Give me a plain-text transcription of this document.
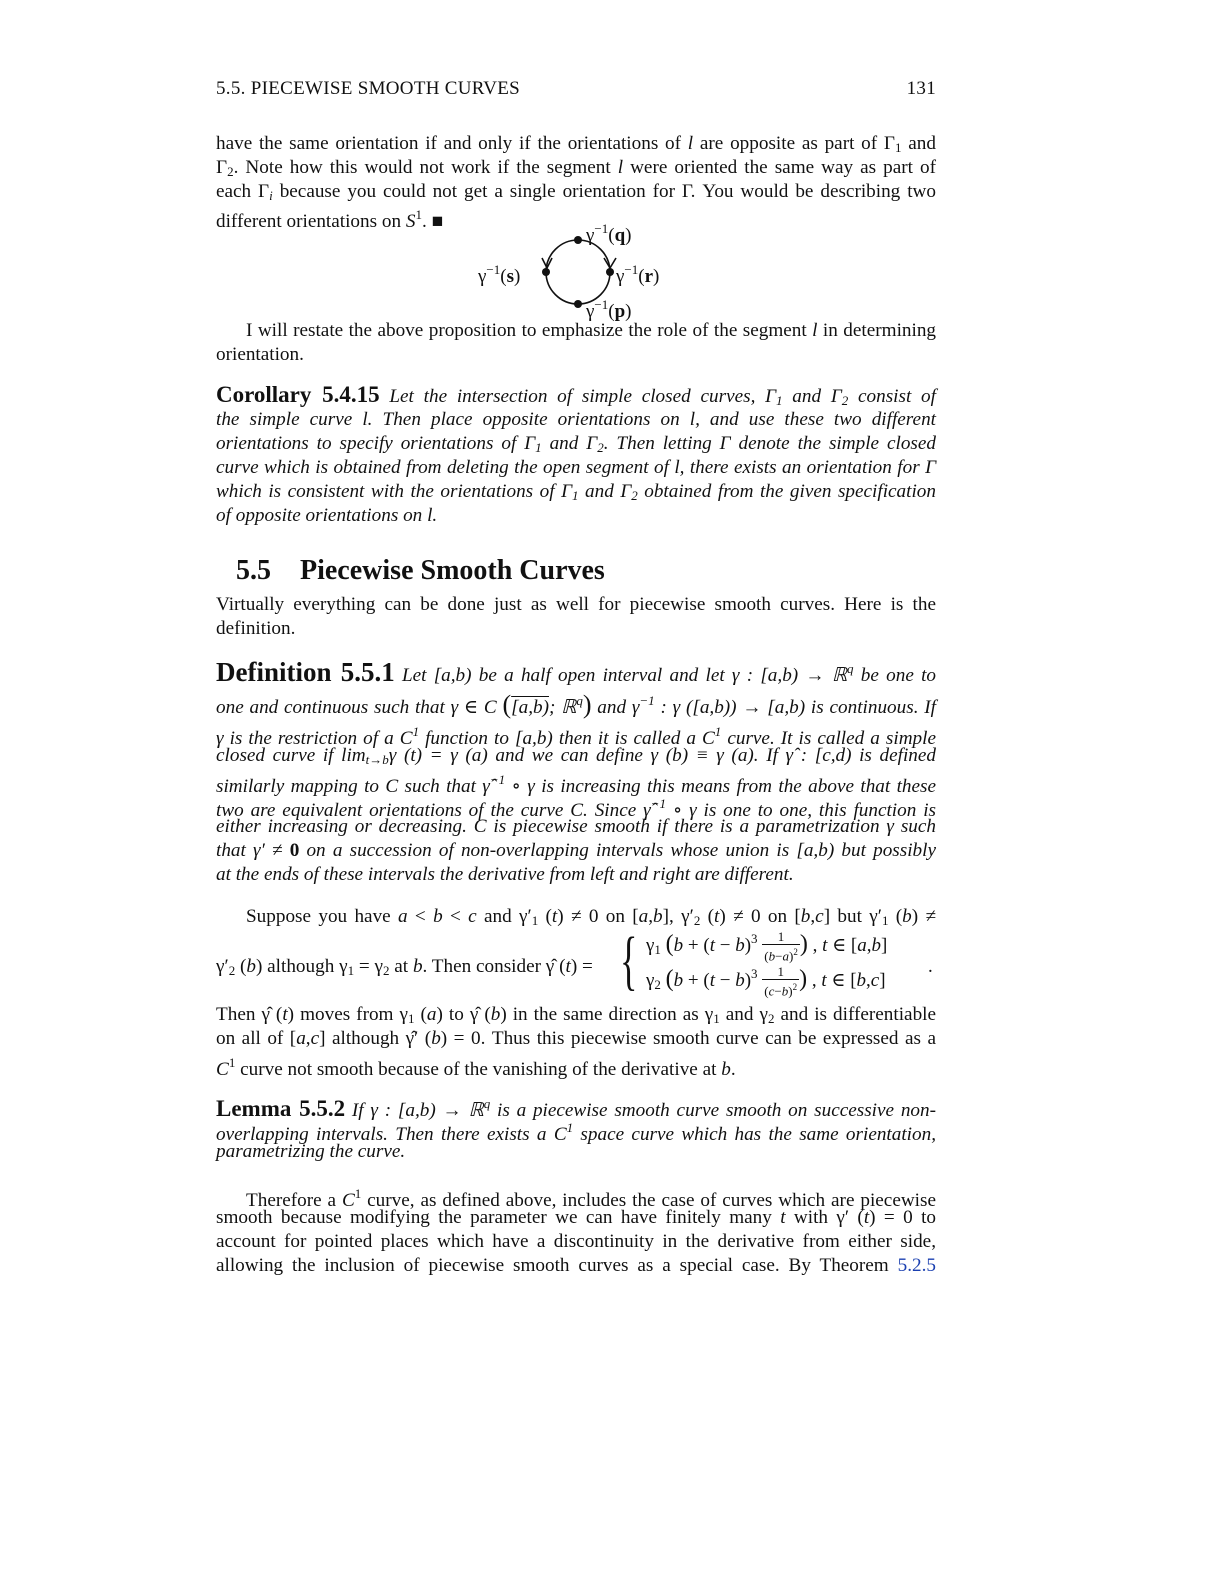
5.5. PIECEWISE SMOOTH CURVES	131
have the same orientation if and only if the orientations of l are opposite as part of $\Gamma_1$ and
$\Gamma_2$. Note how this would not work if the segment l were oriented the same way as part of
each $\Gamma_i$ because you could not get a single orientation for Γ. You would be describing two
different orientations on $S^1$. ■
$\gamma^{-1}(q)$
$\gamma^{-1}(s)$	$\gamma^{-1}(r)$
$\gamma^{-1}(p)$
I will restate the above proposition to emphasize the role of the segment l in determining
orientation.
Corollary 5.4.15 Let the intersection of simple closed curves, $\Gamma_1$ and $\Gamma_2$ consist of
the simple curve l. Then place opposite orientations on l, and use these two different
orientations to specify orientations of $\Gamma_1$ and $\Gamma_2$. Then letting Γ denote the simple closed
curve which is obtained from deleting the open segment of l, there exists an orientation for Γ
which is consistent with the orientations of $\Gamma_1$ and $\Gamma_2$ obtained from the given specification
of opposite orientations on l.
5.5 Piecewise Smooth Curves
Virtually everything can be done just as well for piecewise smooth curves. Here is the
definition.
Definition 5.5.1 Let [a,b) be a half open interval and let γ : [a,b) → ℝ$^q$ be one to
one and continuous such that γ ∈ C ([a,b); ℝ$^q$) and $\gamma^{-1}$ : γ ([a,b)) → [a,b) is continuous. If
γ is the restriction of a $C^1$ function to [a,b) then it is called a $C^1$ curve. It is called a simple
closed curve if $\lim_{t\to b}\gamma$ (t) = γ (a) and we can define γ (b) ≡ γ (a). If γ̂ : [c,d) is defined
similarly mapping to C such that γ̂$^{-1}$ ∘ γ is increasing this means from the above that these
two are equivalent orientations of the curve C. Since γ̂$^{-1}$ ∘ γ is one to one, this function is
either increasing or decreasing. C is piecewise smooth if there is a parametrization γ such
that γ′ ≠ 0 on a succession of non-overlapping intervals whose union is [a,b) but possibly
at the ends of these intervals the derivative from left and right are different.
Suppose you have a < b < c and $\gamma'_1$ (t) ≠ 0 on [a,b], $\gamma'_2$ (t) ≠ 0 on [b,c] but $\gamma'_1$ (b) ≠
$\gamma'_2$ (b) although $\gamma_1 = \gamma_2$ at b. Then consider γ̂ (t) = { $\gamma_1$ ($b + (t - b)^3 \frac{1}{(b-a)^2}$ ) , t ∈ [a,b]
$\gamma_2$ ($b + (t - b)^3 \frac{1}{(c-b)^2}$ ) , t ∈ [b,c]
.
Then γ̂ (t) moves from $\gamma_1$ (a) to γ̂ (b) in the same direction as $\gamma_1$ and $\gamma_2$ and is differentiable
on all of [a,c] although γ̂′ (b) = 0. Thus this piecewise smooth curve can be expressed as a
$C^1$ curve not smooth because of the vanishing of the derivative at b.
Lemma 5.5.2 If γ : [a,b) → ℝ$^q$ is a piecewise smooth curve smooth on successive non-
overlapping intervals. Then there exists a $C^1$ space curve which has the same orientation,
parametrizing the curve.
Therefore a $C^1$ curve, as defined above, includes the case of curves which are piecewise
smooth because modifying the parameter we can have finitely many t with γ′ (t) = 0 to
account for pointed places which have a discontinuity in the derivative from either side,
allowing the inclusion of piecewise smooth curves as a special case. By Theorem 5.2.5
